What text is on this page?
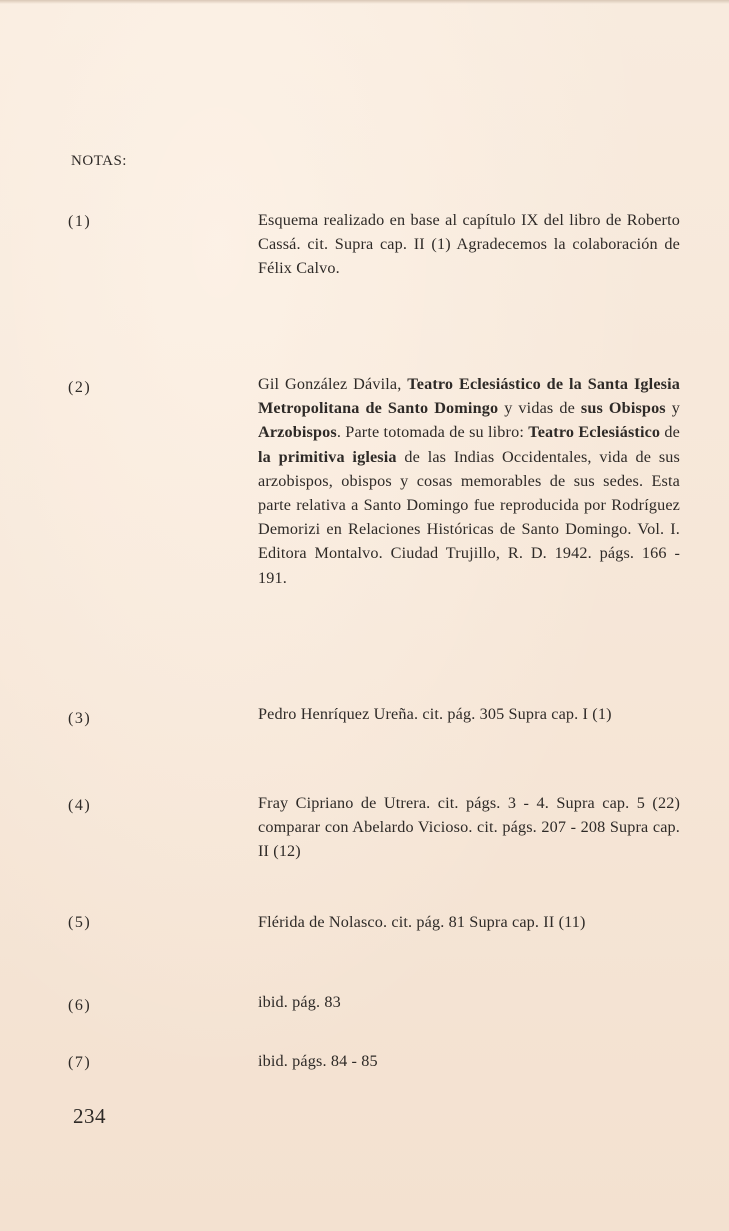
NOTAS:
(1)	Esquema realizado en base al capítulo IX del libro de Roberto Cassá. cit. Supra cap. II (1) Agradecemos la colaboración de Félix Calvo.
(2)	Gil González Dávila, Teatro Eclesiástico de la Santa Iglesia Metropolitana de Santo Domingo y vidas de sus Obispos y Arzobispos. Parte totomada de su libro: Teatro Eclesiástico de la primitiva iglesia de las Indias Occidentales, vida de sus arzobispos, obispos y cosas memorables de sus sedes. Esta parte relativa a Santo Domingo fue reproducida por Rodríguez Demorizi en Relaciones Históricas de Santo Domingo. Vol. I. Editora Montalvo. Ciudad Trujillo, R. D. 1942. págs. 166 - 191.
(3)	Pedro Henríquez Ureña. cit. pág. 305 Supra cap. I (1)
(4)	Fray Cipriano de Utrera. cit. págs. 3 - 4. Supra cap. 5 (22) comparar con Abelardo Vicioso. cit. págs. 207 - 208 Supra cap. II (12)
(5)	Flérida de Nolasco. cit. pág. 81 Supra cap. II (11)
(6)	ibid. pág. 83
(7)	ibid. págs. 84 - 85
234
